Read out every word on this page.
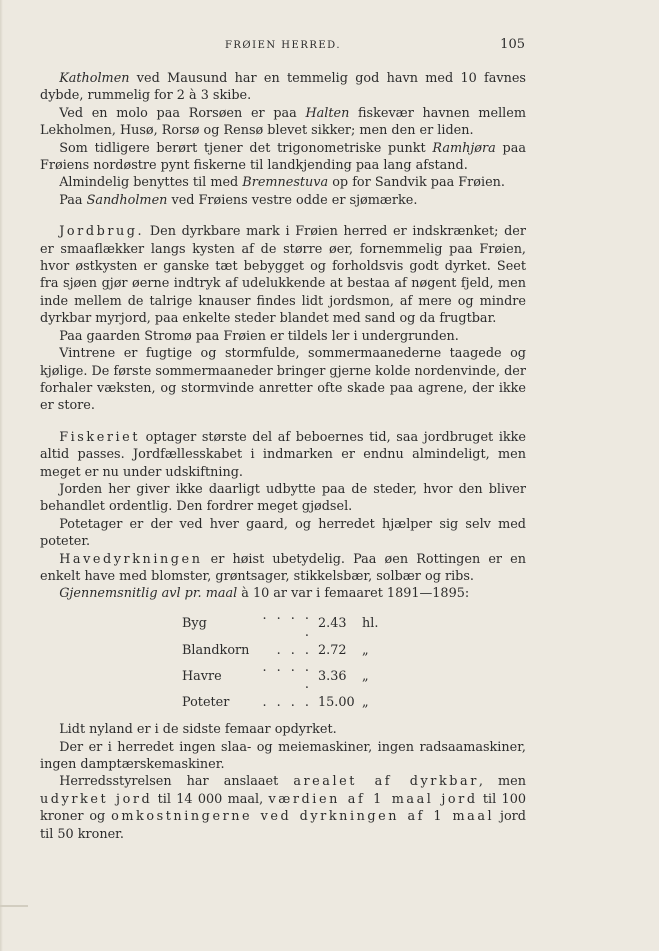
FRØIEN HERRED.	105

Katholmen ved Mausund har en temmelig god havn med 10 favnes dybde, rummelig for 2 à 3 skibe.

Ved en molo paa Rorsøen er paa Halten fiskevær havnen mellem Lekholmen, Husø, Rorsø og Rensø blevet sikker; men den er liden.

Som tidligere berørt tjener det trigonometriske punkt Ramhjøra paa Frøiens nordøstre pynt fiskerne til landkjending paa lang afstand.

Almindelig benyttes til med Bremnestuva op for Sandvik paa Frøien.

Paa Sandholmen ved Frøiens vestre odde er sjømærke.

Jordbrug. Den dyrkbare mark i Frøien herred er indskrænket; der er smaaflækker langs kysten af de større øer, fornemmelig paa Frøien, hvor østkysten er ganske tæt bebygget og forholdsvis godt dyrket. Seet fra sjøen gjør øerne indtryk af udelukkende at bestaa af nøgent fjeld, men inde mellem de talrige knauser findes lidt jordsmon, af mere og mindre dyrkbar myrjord, paa enkelte steder blandet med sand og da frugtbar.

Paa gaarden Stromø paa Frøien er tildels ler i undergrunden.

Vintrene er fugtige og stormfulde, sommermaanederne taagede og kjølige. De første sommermaaneder bringer gjerne kolde nordenvinde, der forhaler væksten, og stormvinde anretter ofte skade paa agrene, der ikke er store.

Fiskeriet optager største del af beboernes tid, saa jordbruget ikke altid passes. Jordfællesskabet i indmarken er endnu almindeligt, men meget er nu under udskiftning.

Jorden her giver ikke daarligt udbytte paa de steder, hvor den bliver behandlet ordentlig. Den fordrer meget gjødsel.

Potetager er der ved hver gaard, og herredet hjælper sig selv med poteter.

Havedyrkningen er høist ubetydelig. Paa øen Rottingen er en enkelt have med blomster, grøntsager, stikkelsbær, solbær og ribs.

Gjennemsnitlig avl pr. maal à 10 ar var i femaaret 1891—1895:

Byg	. . . . .	2.43	hl.
Blandkorn	. . .	2.72	„
Havre	. . . . .	3.36	„
Poteter	. . . .	15.00	„

Lidt nyland er i de sidste femaar opdyrket.

Der er i herredet ingen slaa- og meiemaskiner, ingen radsaamaskiner, ingen damptærskemaskiner.

Herredsstyrelsen har anslaaet arealet af dyrkbar, men udyrket jord til 14 000 maal, værdien af 1 maal jord til 100 kroner og omkostningerne ved dyrkningen af 1 maal jord til 50 kroner.
